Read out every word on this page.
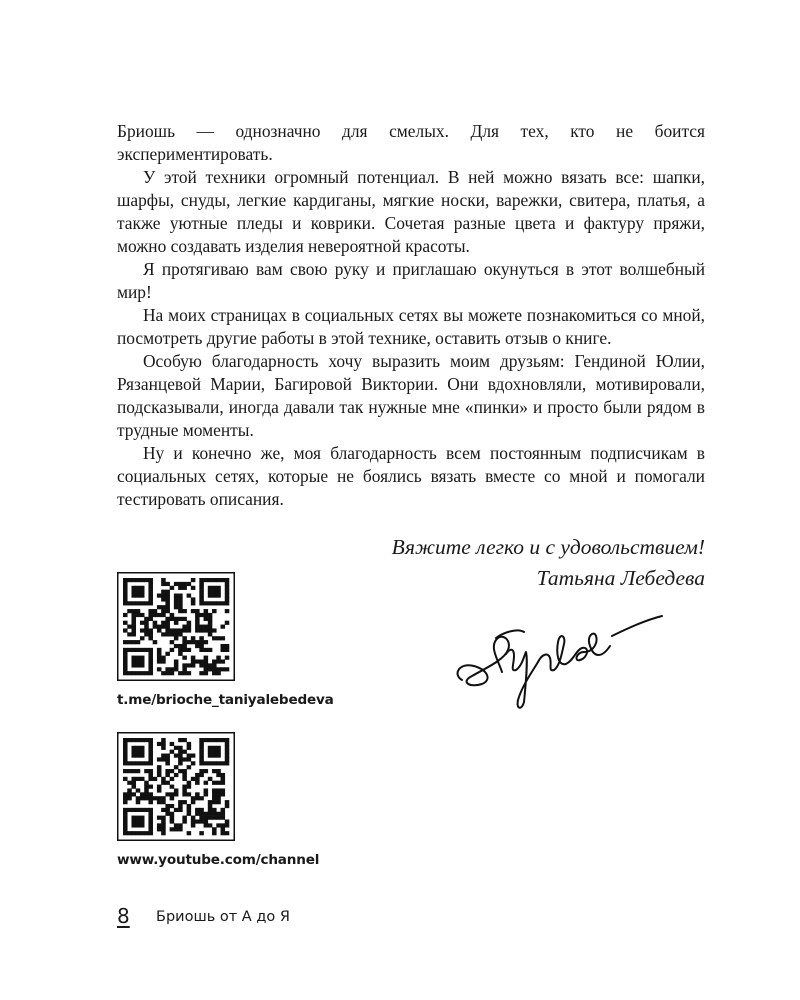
Бриошь — однозначно для смелых. Для тех, кто не боится экспериментировать.

У этой техники огромный потенциал. В ней можно вязать все: шапки, шарфы, снуды, легкие кардиганы, мягкие носки, варежки, свитера, платья, а также уютные пледы и коврики. Сочетая разные цвета и фактуру пряжи, можно создавать изделия невероятной красоты.

Я протягиваю вам свою руку и приглашаю окунуться в этот волшебный мир!

На моих страницах в социальных сетях вы можете познакомиться со мной, посмотреть другие работы в этой технике, оставить отзыв о книге.

Особую благодарность хочу выразить моим друзьям: Гендиной Юлии, Рязанцевой Марии, Багировой Виктории. Они вдохновляли, мотивировали, подсказывали, иногда давали так нужные мне «пинки» и просто были рядом в трудные моменты.

Ну и конечно же, моя благодарность всем постоянным подписчикам в социальных сетях, которые не боялись вязать вместе со мной и помогали тестировать описания.

Вяжите легко и с удовольствием!
Татьяна Лебедева
t.me/brioche_taniyalebedeva
www.youtube.com/channel
8 Бриошь от А до Я
